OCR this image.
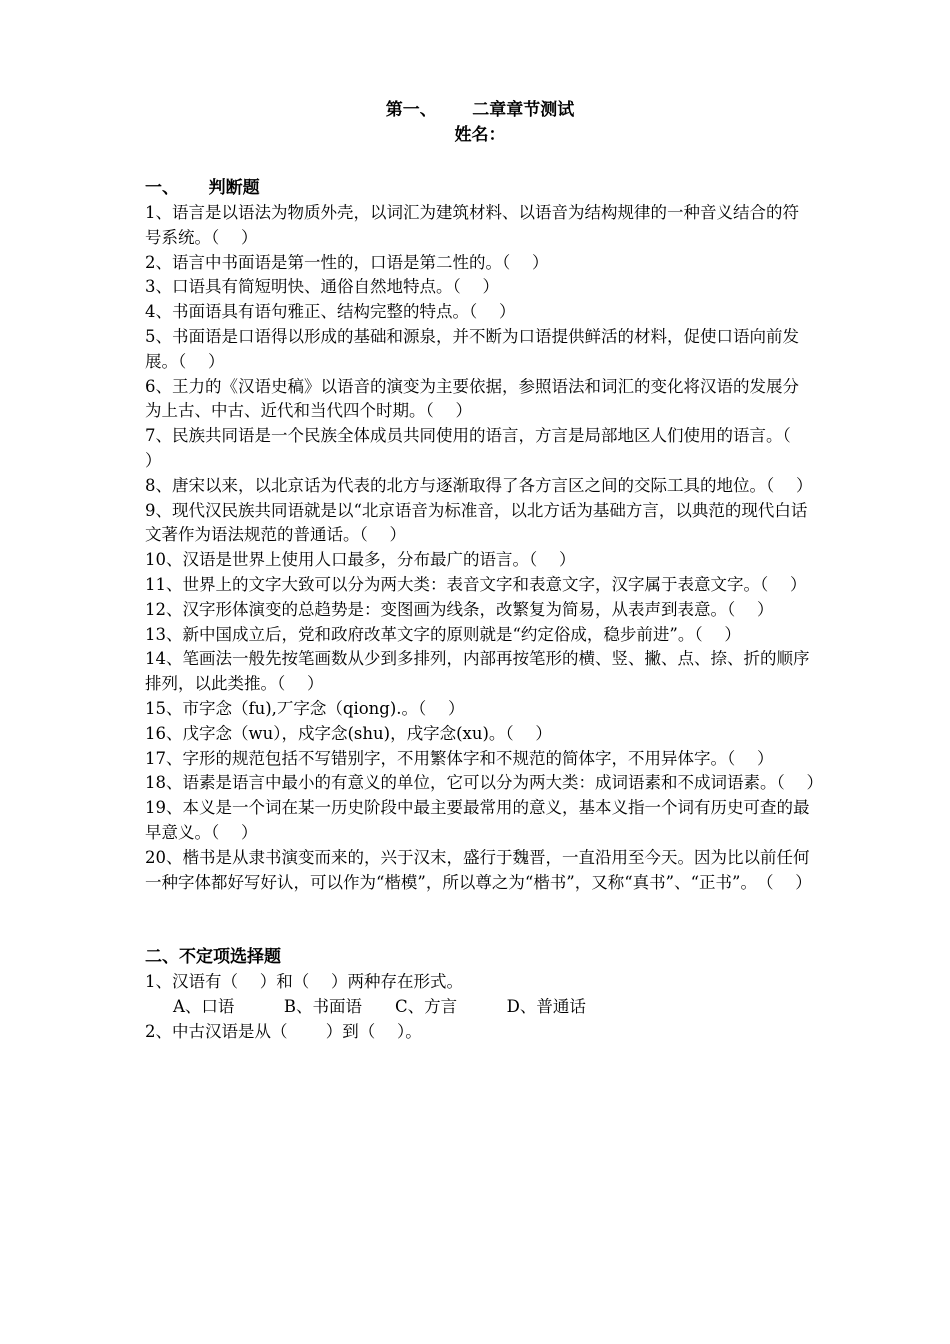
第一、      二章章节测试
姓名：
一、     判断题
1、语言是以语法为物质外壳，以词汇为建筑材料、以语音为结构规律的一种音义结合的符号系统。（　 ）
2、语言中书面语是第一性的，口语是第二性的。（　 ）
3、口语具有简短明快、通俗自然地特点。（　 ）
4、书面语具有语句雅正、结构完整的特点。（　 ）
5、书面语是口语得以形成的基础和源泉，并不断为口语提供鲜活的材料，促使口语向前发展。（　 ）
6、王力的《汉语史稿》以语音的演变为主要依据，参照语法和词汇的变化将汉语的发展分为上古、中古、近代和当代四个时期。（　 ）
7、民族共同语是一个民族全体成员共同使用的语言，方言是局部地区人们使用的语言。（　 ）
8、唐宋以来，以北京话为代表的北方与逐渐取得了各方言区之间的交际工具的地位。（　 ）
9、现代汉民族共同语就是以“北京语音为标准音，以北方话为基础方言，以典范的现代白话文著作为语法规范的普通话。（　 ）
10、汉语是世界上使用人口最多，分布最广的语言。（　 ）
11、世界上的文字大致可以分为两大类：表音文字和表意文字，汉字属于表意文字。（　 ）
12、汉字形体演变的总趋势是：变图画为线条，改繁复为简易，从表声到表意。（　 ）
13、新中国成立后，党和政府改革文字的原则就是“约定俗成，稳步前进”。（　 ）
14、笔画法一般先按笔画数从少到多排列，内部再按笔形的横、竖、撇、点、捺、折的顺序排列，以此类推。（　 ）
15、市字念（fu),丆字念（qiong).。（　 ）
16、戊字念（wu），戍字念(shu)，戌字念(xu)。（　 ）
17、字形的规范包括不写错别字，不用繁体字和不规范的简体字，不用异体字。（　 ）
18、语素是语言中最小的有意义的单位，它可以分为两大类：成词语素和不成词语素。（　 ）
19、本义是一个词在某一历史阶段中最主要最常用的意义，基本义指一个词有历史可查的最早意义。（　 ）
20、楷书是从隶书演变而来的，兴于汉末，盛行于魏晋，一直沿用至今天。因为比以前任何一种字体都好写好认，可以作为“楷模”，所以尊之为“楷书”，又称“真书”、“正书”。　（　 ）
二、不定项选择题
1、汉语有（　 ）和（　 ）两种存在形式。
A、口语　　　B、书面语　　C、方言　　　D、普通话
2、中古汉语是从（　　 ）到（　 ）。
